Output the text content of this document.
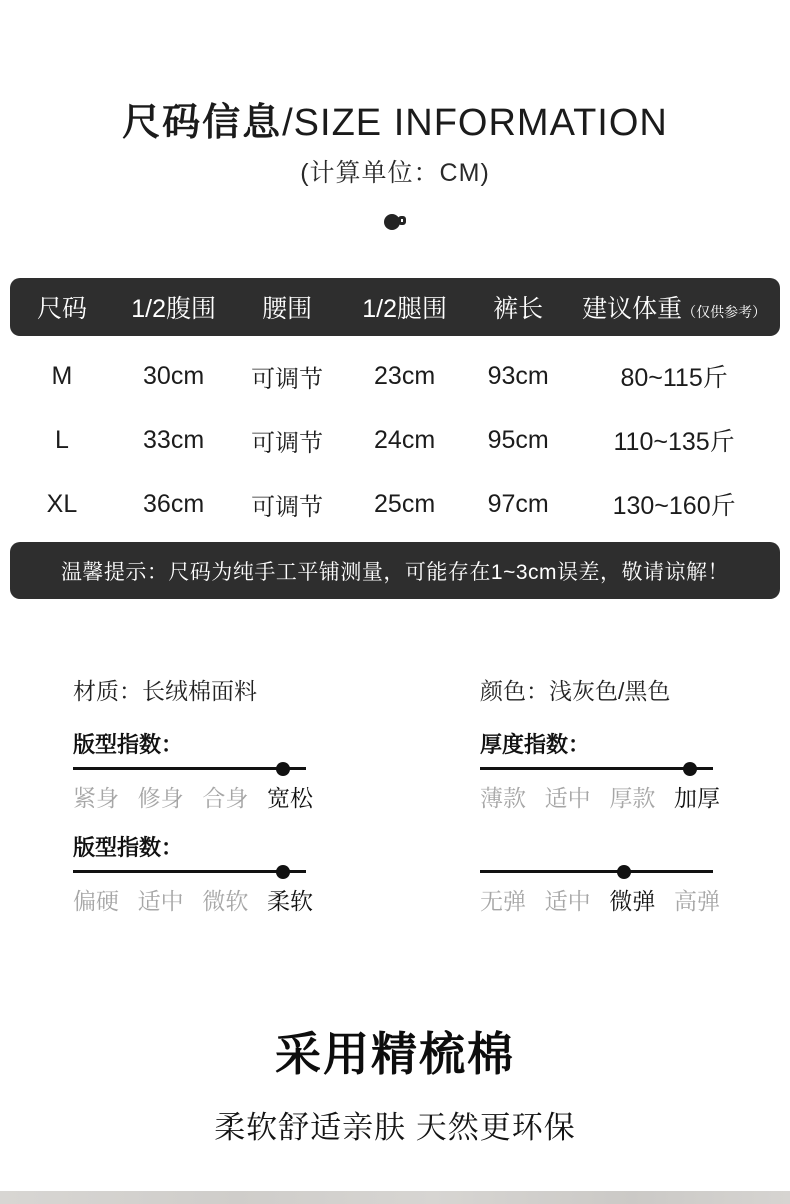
尺码信息/SIZE INFORMATION
(计算单位：CM)
尺码	1/2腹围	腰围	1/2腿围	裤长	建议体重（仅供参考）
M	30cm	可调节	23cm	93cm	80~115斤
L	33cm	可调节	24cm	95cm	110~135斤
XL	36cm	可调节	25cm	97cm	130~160斤
温馨提示：尺码为纯手工平铺测量，可能存在1~3cm误差，敬请谅解！
材质：长绒棉面料	颜色：浅灰色/黑色
版型指数：
紧身 修身 合身 宽松
厚度指数：
薄款 适中 厚款 加厚
版型指数：
偏硬 适中 微软 柔软	无弹 适中 微弹 高弹
采用精梳棉
柔软舒适亲肤 天然更环保
